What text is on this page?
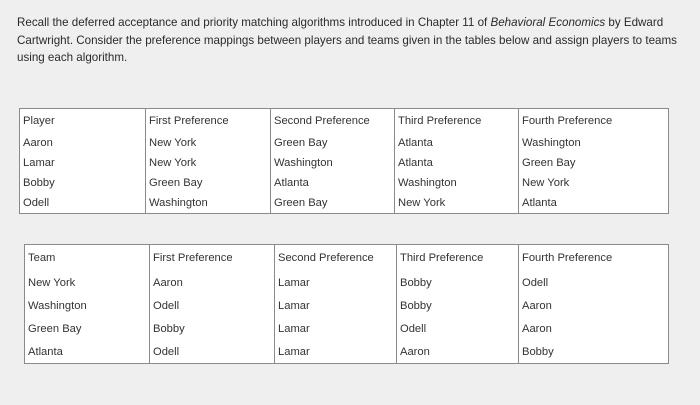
Recall the deferred acceptance and priority matching algorithms introduced in Chapter 11 of Behavioral Economics by Edward Cartwright. Consider the preference mappings between players and teams given in the tables below and assign players to teams using each algorithm.
Player	First Preference	Second Preference	Third Preference	Fourth Preference
Aaron	New York	Green Bay	Atlanta	Washington
Lamar	New York	Washington	Atlanta	Green Bay
Bobby	Green Bay	Atlanta	Washington	New York
Odell	Washington	Green Bay	New York	Atlanta
Team	First Preference	Second Preference	Third Preference	Fourth Preference
New York	Aaron	Lamar	Bobby	Odell
Washington	Odell	Lamar	Bobby	Aaron
Green Bay	Bobby	Lamar	Odell	Aaron
Atlanta	Odell	Lamar	Aaron	Bobby
